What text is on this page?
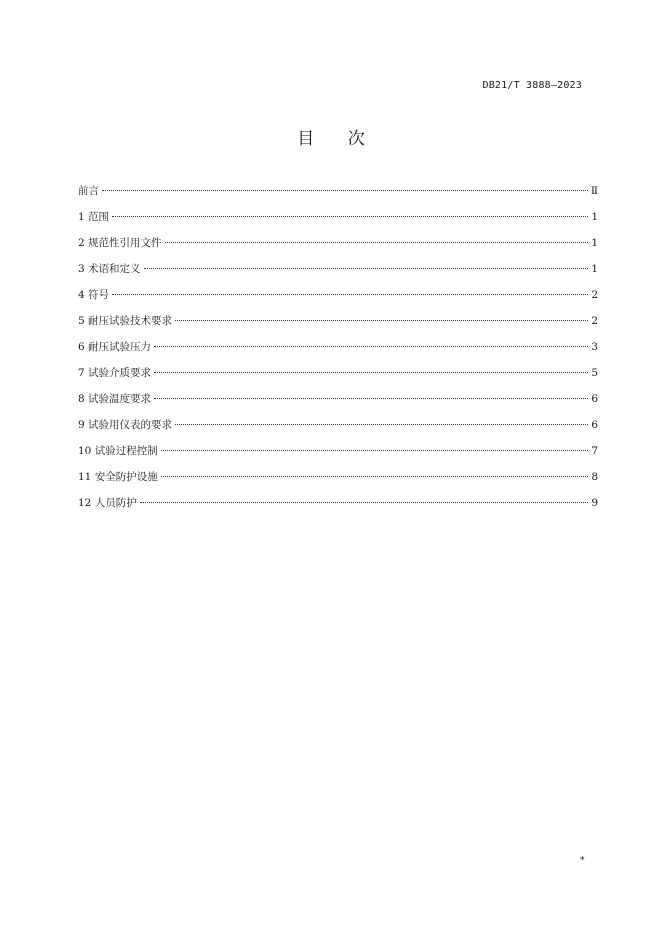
DB21/T 3888—2023
目 次
前言	Ⅱ
1 范围	1
2 规范性引用文件	1
3 术语和定义	1
4 符号	2
5 耐压试验技术要求	2
6 耐压试验压力	3
7 试验介质要求	5
8 试验温度要求	6
9 试验用仪表的要求	6
10 试验过程控制	7
11 安全防护设施	8
12 人员防护	9
*
